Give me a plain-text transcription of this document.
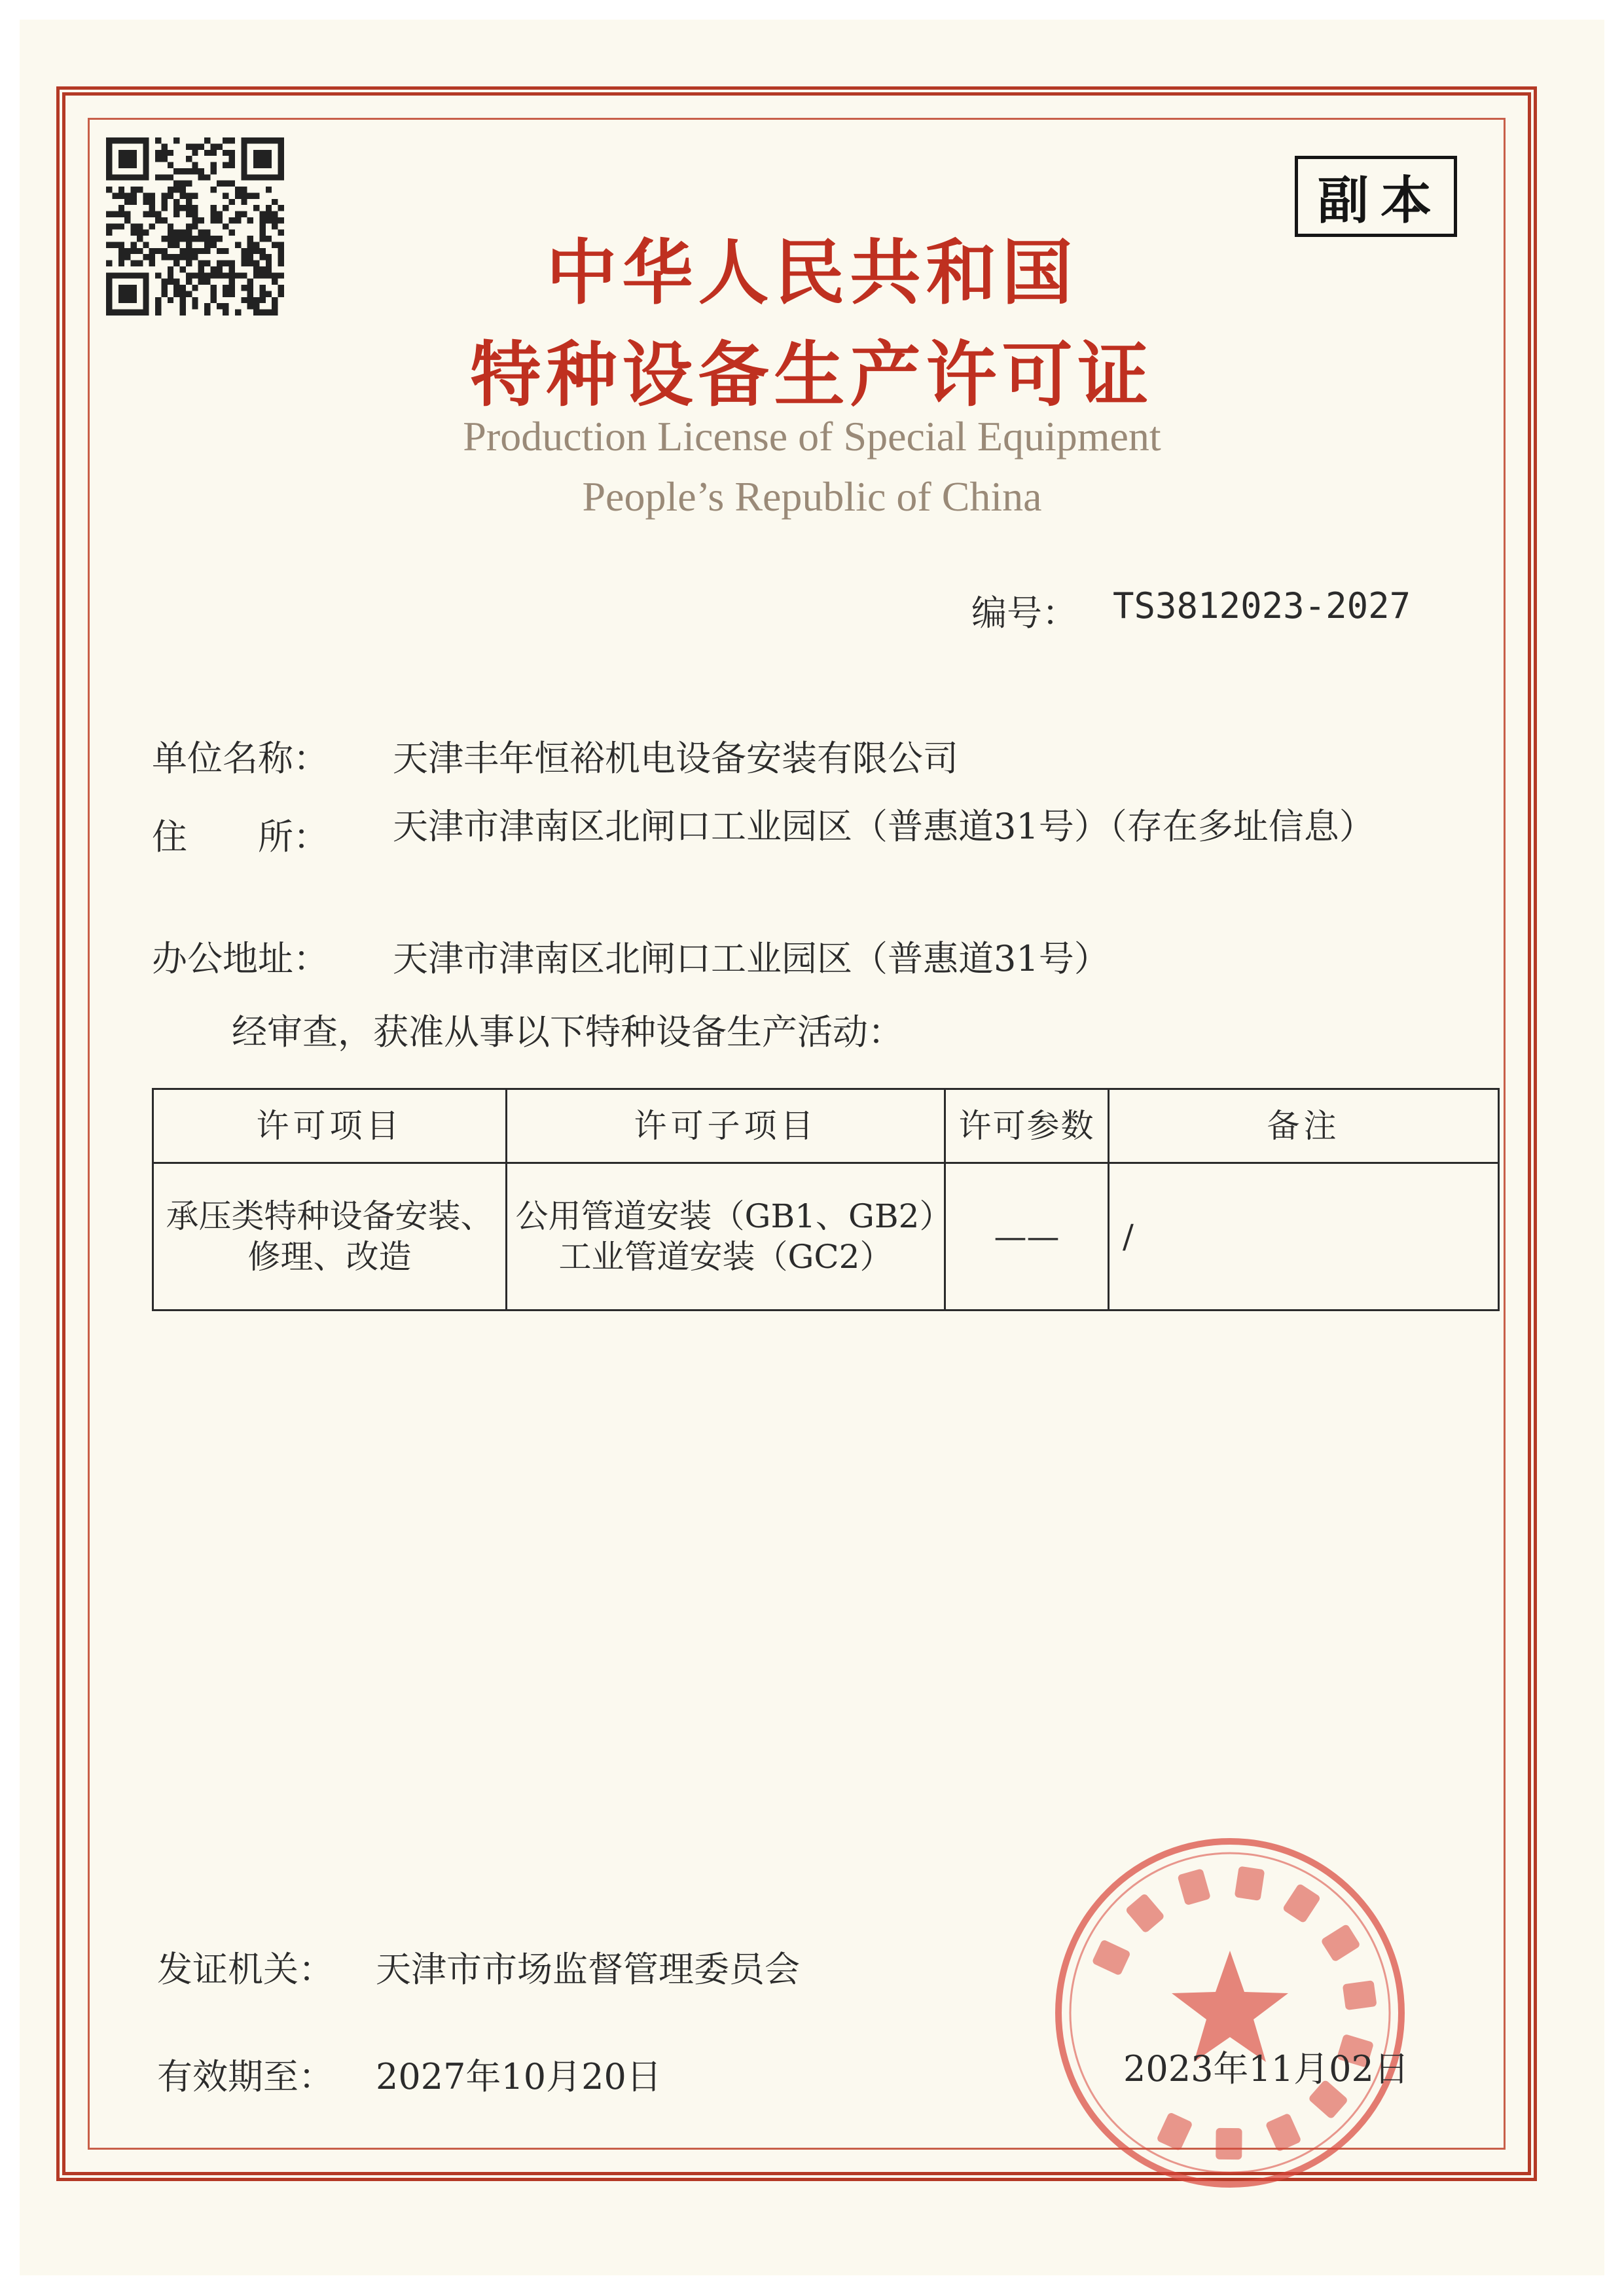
副本
中华人民共和国
特种设备生产许可证
Production License of Special Equipment
People’s Republic of China
编号： TS3812023-2027
单位名称： 天津丰年恒裕机电设备安装有限公司
住　　所： 天津市津南区北闸口工业园区（普惠道31号）（存在多址信息）
办公地址： 天津市津南区北闸口工业园区（普惠道31号）
经审查，获准从事以下特种设备生产活动：
许可项目	许可子项目	许可参数	备注
承压类特种设备安装、修理、改造	公用管道安装（GB1、GB2）工业管道安装（GC2）	——	/
发证机关： 天津市市场监督管理委员会
有效期至： 2027年10月20日	2023年11月02日
